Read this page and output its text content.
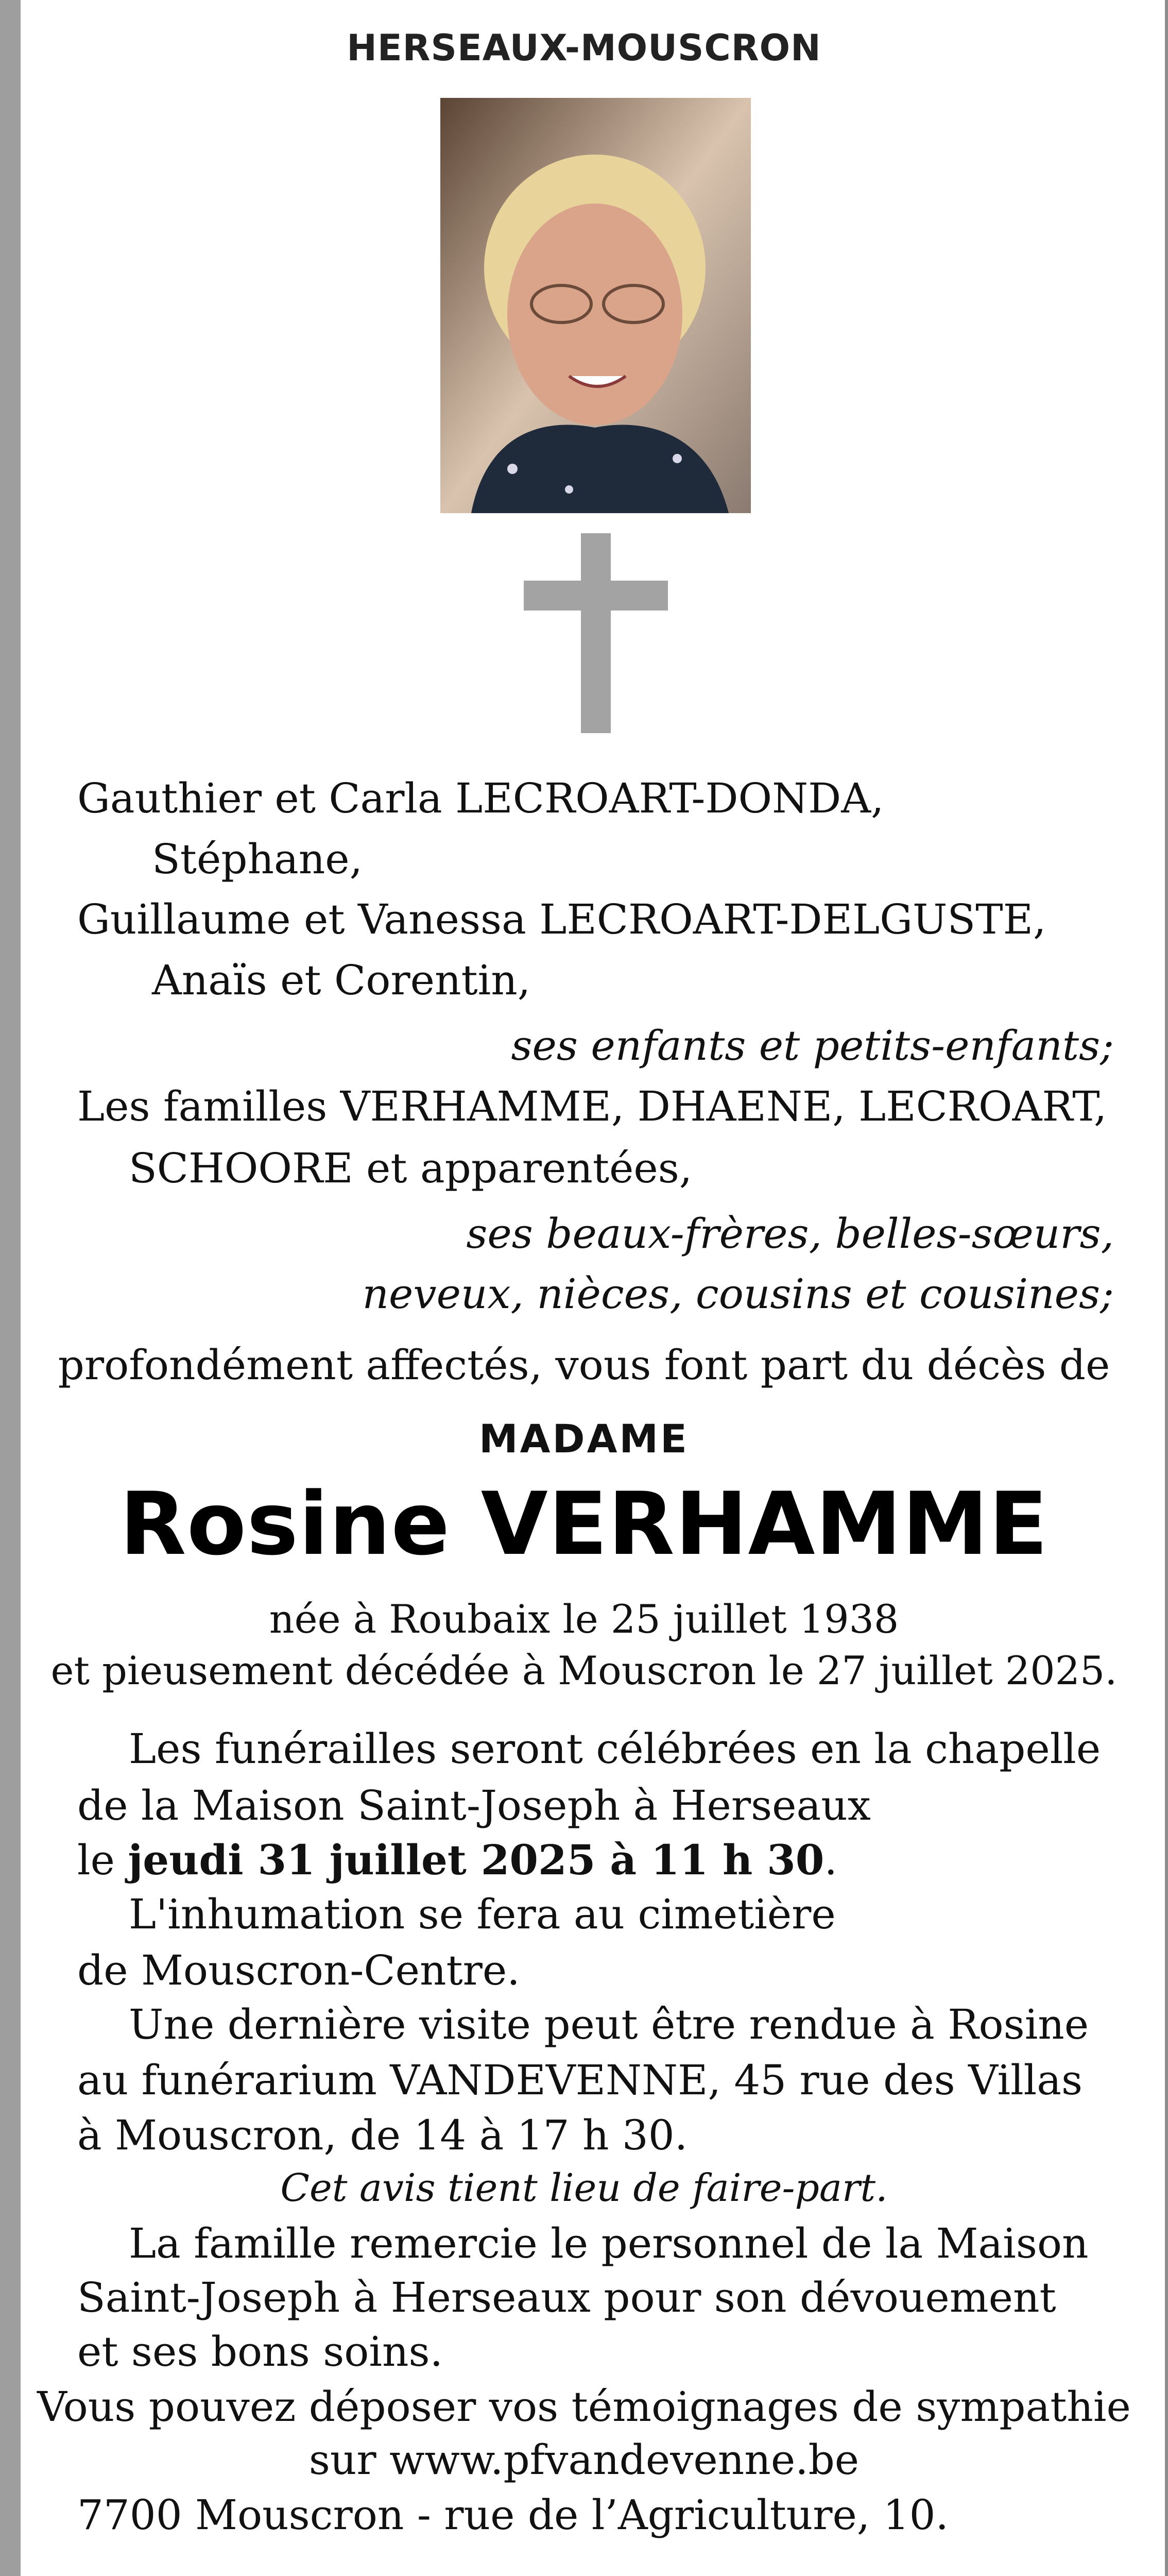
HERSEAUX-MOUSCRON
Gauthier et Carla LECROART-DONDA,
Stéphane,
Guillaume et Vanessa LECROART-DELGUSTE,
Anaïs et Corentin,
ses enfants et petits-enfants;
Les familles VERHAMME, DHAENE, LECROART,
SCHOORE et apparentées,
ses beaux-frères, belles-sœurs,
neveux, nièces, cousins et cousines;
profondément affectés, vous font part du décès de
MADAME
Rosine VERHAMME
née à Roubaix le 25 juillet 1938
et pieusement décédée à Mouscron le 27 juillet 2025.
Les funérailles seront célébrées en la chapelle
de la Maison Saint-Joseph à Herseaux
le jeudi 31 juillet 2025 à 11 h 30.
L'inhumation se fera au cimetière
de Mouscron-Centre.
Une dernière visite peut être rendue à Rosine
au funérarium VANDEVENNE, 45 rue des Villas
à Mouscron, de 14 à 17 h 30.
Cet avis tient lieu de faire-part.
La famille remercie le personnel de la Maison
Saint-Joseph à Herseaux pour son dévouement
et ses bons soins.
Vous pouvez déposer vos témoignages de sympathie
sur www.pfvandevenne.be
7700 Mouscron - rue de l’Agriculture, 10.
